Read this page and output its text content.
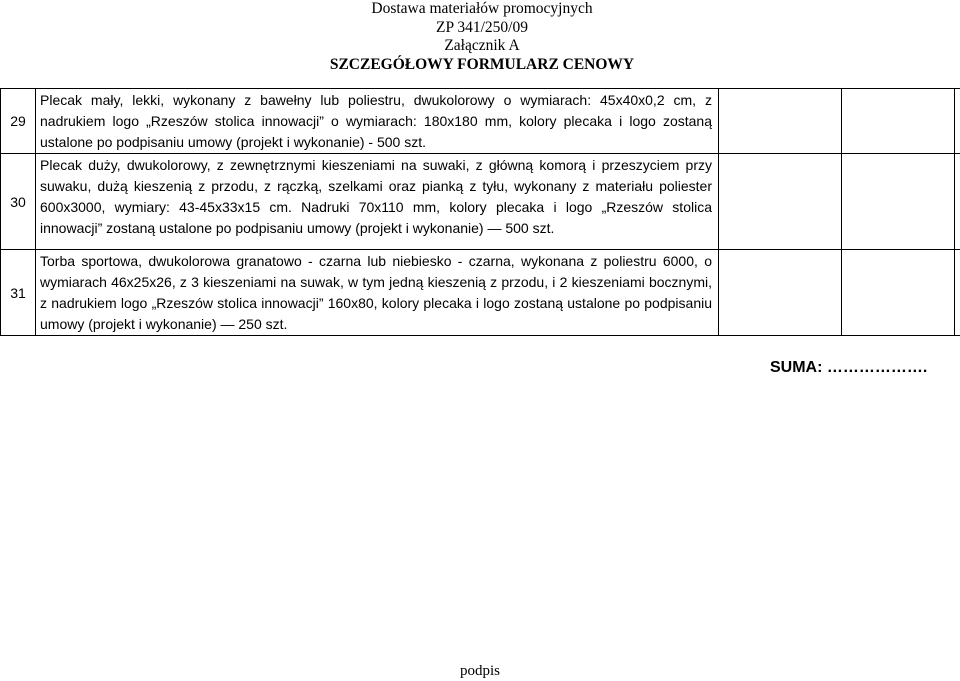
Dostawa materiałów promocyjnych
ZP 341/250/09
Załącznik A
SZCZEGÓŁOWY FORMULARZ CENOWY
29	Plecak mały, lekki, wykonany z bawełny lub poliestru, dwukolorowy o wymiarach: 45x40x0,2 cm, z nadrukiem logo „Rzeszów stolica innowacji” o wymiarach: 180x180 mm, kolory plecaka i logo zostaną ustalone po podpisaniu umowy (projekt i wykonanie) - 500 szt.			
30	Plecak duży, dwukolorowy, z zewnętrznymi kieszeniami na suwaki, z główną komorą i przeszyciem przy suwaku, dużą kieszenią z przodu, z rączką, szelkami oraz pianką z tyłu, wykonany z materiału poliester 600x3000, wymiary: 43-45x33x15 cm. Nadruki 70x110 mm, kolory plecaka i logo „Rzeszów stolica innowacji” zostaną ustalone po podpisaniu umowy (projekt i wykonanie) — 500 szt.			
31	Torba sportowa, dwukolorowa granatowo - czarna lub niebiesko - czarna, wykonana z poliestru 6000, o wymiarach 46x25x26, z 3 kieszeniami na suwak, w tym jedną kieszenią z przodu, i 2 kieszeniami bocznymi, z nadrukiem logo „Rzeszów stolica innowacji” 160x80, kolory plecaka i logo zostaną ustalone po podpisaniu umowy (projekt i wykonanie) — 250 szt.			
SUMA: ……………….
podpis
